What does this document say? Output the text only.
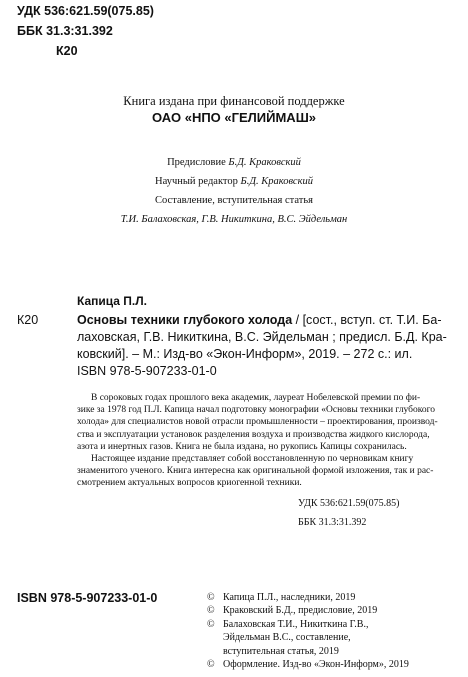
УДК 536:621.59(075.85)
ББК 31.3:31.392
К20
Книга издана при финансовой поддержке
ОАО «НПО «ГЕЛИЙМАШ»
Предисловие Б.Д. Краковский
Научный редактор Б.Д. Краковский
Составление, вступительная статья
Т.И. Балаховская, Г.В. Никиткина, В.С. Эйдельман
Капица П.Л.
К20	Основы техники глубокого холода / [сост., вступ. ст. Т.И. Ба-
лаховская, Г.В. Никиткина, В.С. Эйдельман ; предисл. Б.Д. Кра-
ковский]. – М.: Изд-во «Экон-Информ», 2019. – 272 с.: ил.
ISBN 978-5-907233-01-0
В сороковых годах прошлого века академик, лауреат Нобелевской премии по фи-
зике за 1978 год П.Л. Капица начал подготовку монографии «Основы техники глубокого
холода» для специалистов новой отрасли промышленности – проектирования, производ-
ства и эксплуатации установок разделения воздуха и производства жидкого кислорода,
азота и инертных газов. Книга не была издана, но рукопись Капицы сохранилась.
Настоящее издание представляет собой восстановленную по черновикам книгу
знаменитого ученого. Книга интересна как оригинальной формой изложения, так и рас-
смотрением актуальных вопросов криогенной техники.
УДК 536:621.59(075.85)
ББК 31.3:31.392
ISBN 978-5-907233-01-0	© Капица П.Л., наследники, 2019
© Краковский Б.Д., предисловие, 2019
© Балаховская Т.И., Никиткина Г.В.,
Эйдельман В.С., составление,
вступительная статья, 2019
© Оформление. Изд-во «Экон-Информ», 2019
